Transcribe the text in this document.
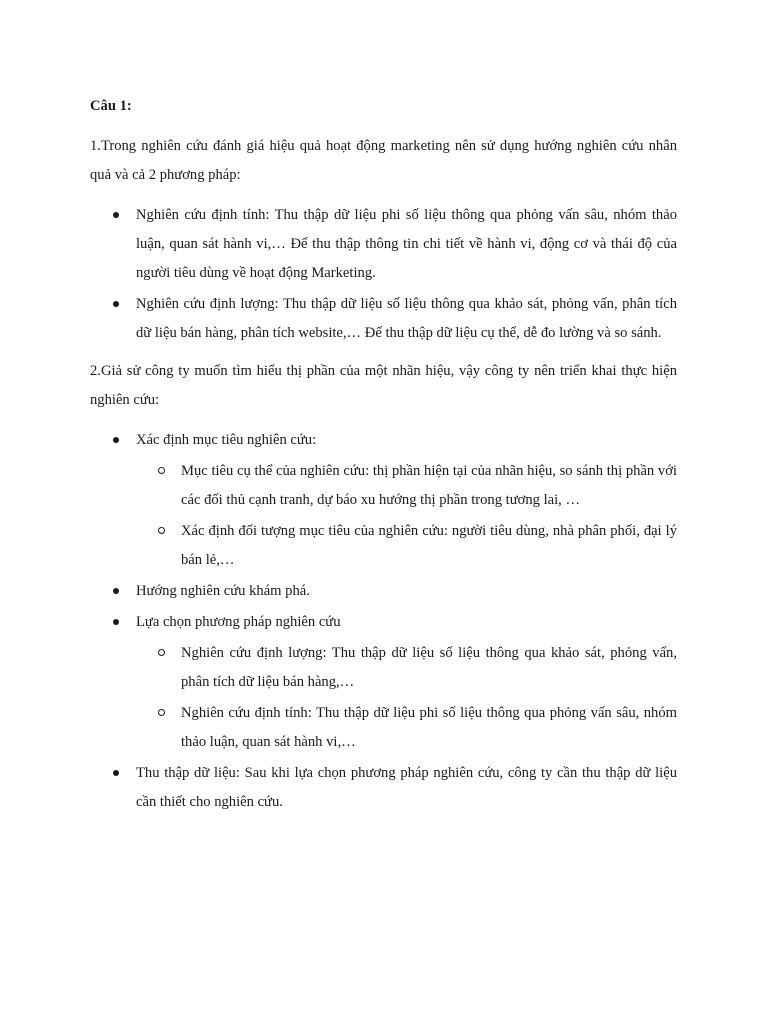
Câu 1:
1.Trong nghiên cứu đánh giá hiệu quả hoạt động marketing nên sử dụng hướng nghiên cứu nhân quả và cả 2 phương pháp:
Nghiên cứu định tính: Thu thập dữ liệu phi số liệu thông qua phỏng vấn sâu, nhóm thảo luận, quan sát hành vi,… Để thu thập thông tin chi tiết về hành vi, động cơ và thái độ của người tiêu dùng về hoạt động Marketing.
Nghiên cứu định lượng: Thu thập dữ liệu số liệu thông qua khảo sát, phỏng vấn, phân tích dữ liệu bán hàng, phân tích website,… Để thu thập dữ liệu cụ thể, dễ đo lường và so sánh.
2.Giả sử công ty muốn tìm hiểu thị phần của một nhãn hiệu, vậy công ty nên triển khai thực hiện nghiên cứu:
Xác định mục tiêu nghiên cứu:
Mục tiêu cụ thể của nghiên cứu: thị phần hiện tại của nhãn hiệu, so sánh thị phần với các đối thủ cạnh tranh, dự báo xu hướng thị phần trong tương lai, …
Xác định đối tượng mục tiêu của nghiên cứu: người tiêu dùng, nhà phân phối, đại lý bán lẻ,…
Hướng nghiên cứu khám phá.
Lựa chọn phương pháp nghiên cứu
Nghiên cứu định lượng: Thu thập dữ liệu số liệu thông qua khảo sát, phỏng vấn, phân tích dữ liệu bán hàng,…
Nghiên cứu định tính: Thu thập dữ liệu phi số liệu thông qua phỏng vấn sâu, nhóm thảo luận, quan sát hành vi,…
Thu thập dữ liệu: Sau khi lựa chọn phương pháp nghiên cứu, công ty cần thu thập dữ liệu cần thiết cho nghiên cứu.
